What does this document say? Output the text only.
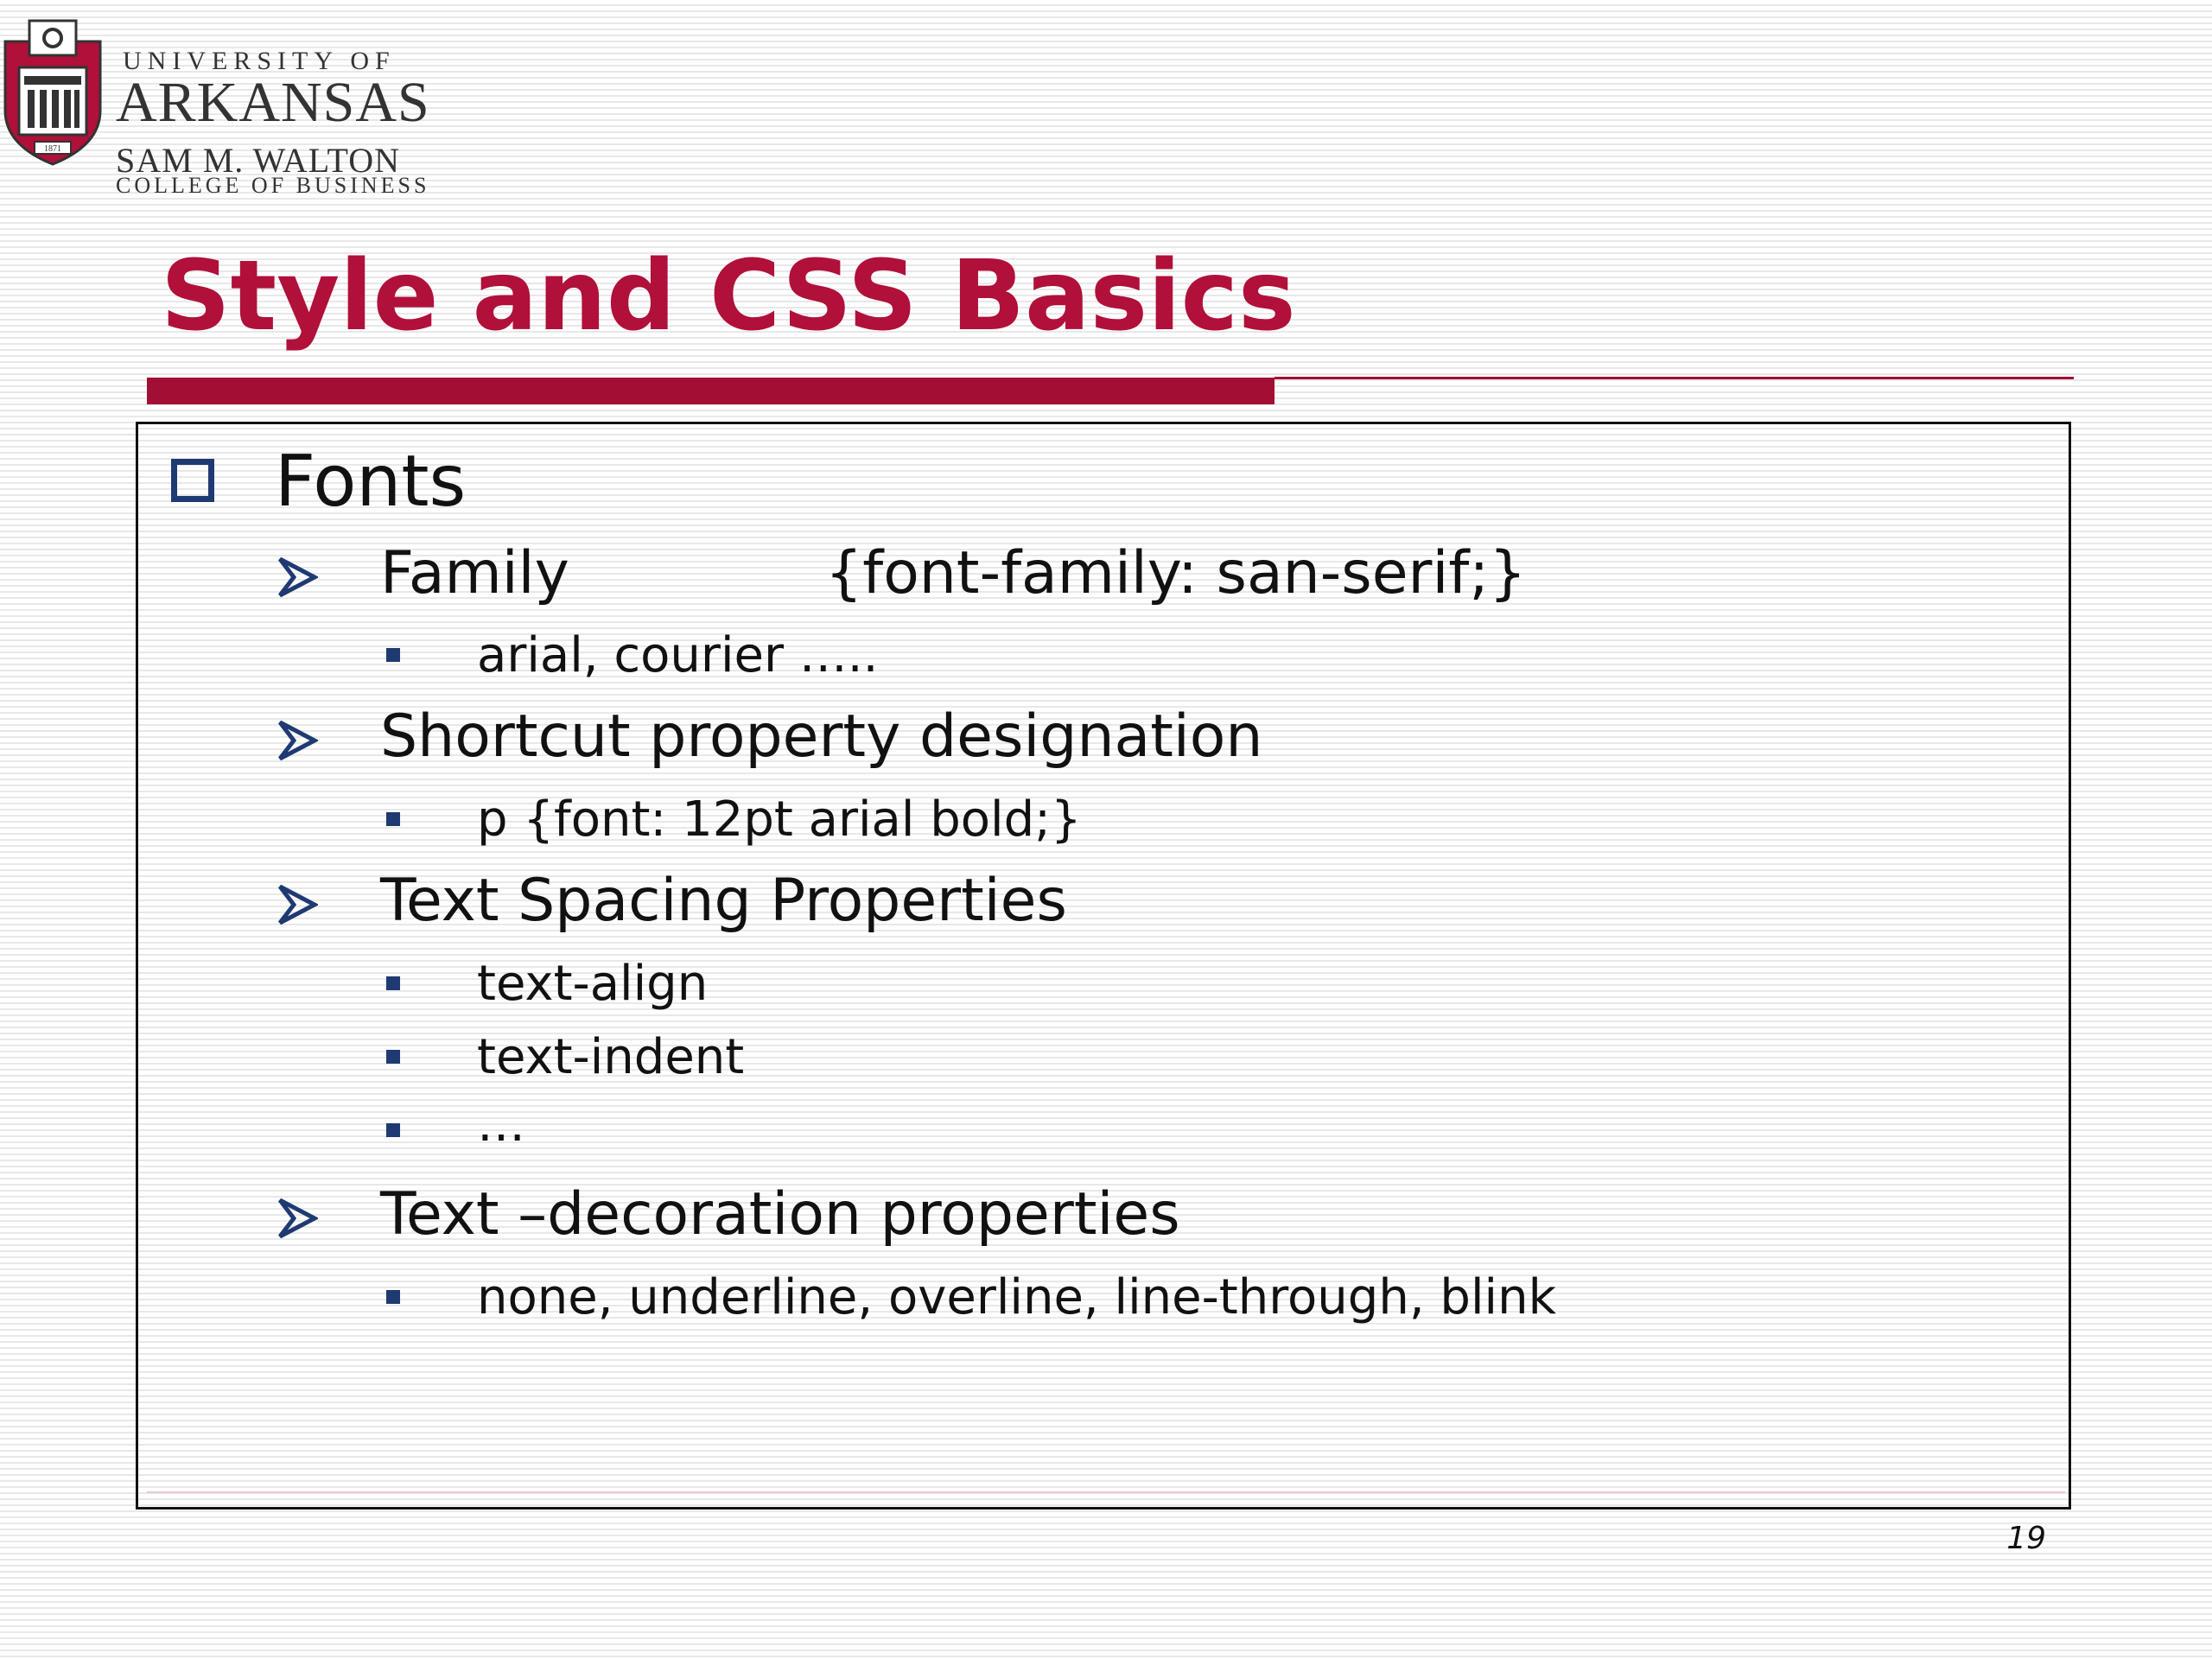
1871
UNIVERSITY OF
ARKANSAS
SAM M. WALTON
COLLEGE OF BUSINESS
Style and CSS Basics
Fonts
Family	{font-family: san-serif;}
arial, courier …..
Shortcut property designation
p {font: 12pt arial bold;}
Text Spacing Properties
text-align
text-indent
…
Text –decoration properties
none, underline, overline, line-through, blink
19
